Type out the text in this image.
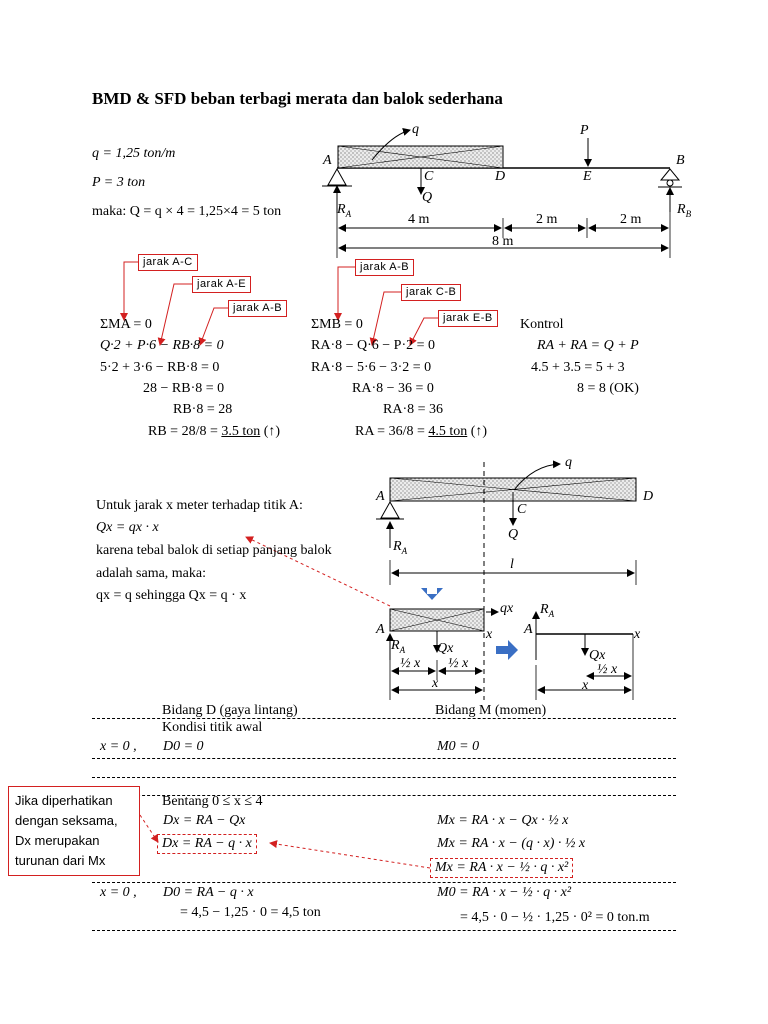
BMD & SFD beban terbagi merata dan balok sederhana
q = 1,25 ton/m
P = 3 ton
maka: Q = q × 4 = 1,25×4 = 5 ton
q	P
A	B
C	D	E
Q
$R_A$	$R_B$
4 m	2 m	2 m
8 m
jarak A-C
jarak A-E
jarak A-B
jarak A-B
jarak C-B
jarak E-B
ΣMA = 0
Q·2 + P·6 − RB·8 = 0
5·2 + 3·6 − RB·8 = 0
28 − RB·8 = 0
RB·8 = 28
RB = 28/8 = 3.5 ton (↑)
ΣMB = 0
RA·8 − Q·6 − P·2 = 0
RA·8 − 5·6 − 3·2 = 0
RA·8 − 36 = 0
RA·8 = 36
RA = 36/8 = 4.5 ton (↑)
Kontrol
RA + RA = Q + P
4.5 + 3.5 = 5 + 3
8 = 8 (OK)
q
A	D
C
Q
$R_A$
l
Untuk jarak x meter terhadap titik A:
Qx = qx · x
karena tebal balok di setiap panjang balok
adalah sama, maka:
qx = q sehingga Qx = q · x
qx
A	x
$R_A$ Qx
½ x ½ x
x
$R_A$
A	x
Qx
½ x
x
Bidang D (gaya lintang)	Bidang M (momen)
Kondisi titik awal
x = 0 , D0 = 0	M0 = 0
Bentang 0 ≤ x ≤ 4
Dx = RA − Qx	Mx = RA · x − Qx · ½ x
Dx = RA − q · x	Mx = RA · x − (q · x) · ½ x
Mx = RA · x − ½ · q · x²
x = 0 , D0 = RA − q · x	M0 = RA · x − ½ · q · x²
= 4,5 − 1,25 · 0 = 4,5 ton	= 4,5 · 0 − ½ · 1,25 · 0² = 0 ton.m
Jika diperhatikan dengan seksama, Dx merupakan turunan dari Mx
